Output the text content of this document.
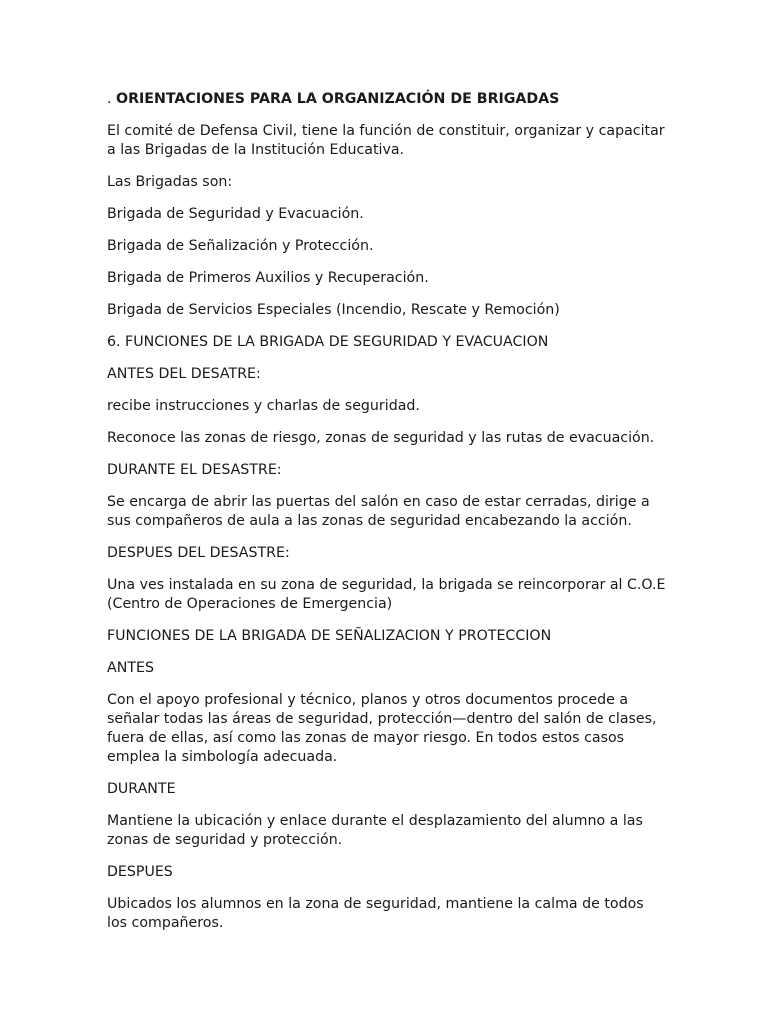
. ORIENTACIONES PARA LA ORGANIZACIÓN DE BRIGADAS

El comité de Defensa Civil, tiene la función de constituir, organizar y capacitar a las Brigadas de la Institución Educativa.

Las Brigadas son:

Brigada de Seguridad y Evacuación.

Brigada de Señalización y Protección.

Brigada de Primeros Auxilios y Recuperación.

Brigada de Servicios Especiales (Incendio, Rescate y Remoción)

6. FUNCIONES DE LA BRIGADA DE SEGURIDAD Y EVACUACION

ANTES DEL DESATRE:

recibe instrucciones y charlas de seguridad.

Reconoce las zonas de riesgo, zonas de seguridad y las rutas de evacuación.

DURANTE EL DESASTRE:

Se encarga de abrir las puertas del salón en caso de estar cerradas, dirige a sus compañeros de aula a las zonas de seguridad encabezando la acción.

DESPUES DEL DESASTRE:

Una ves instalada en su zona de seguridad, la brigada se reincorporar al C.O.E (Centro de Operaciones de Emergencia)

FUNCIONES DE LA BRIGADA DE SEÑALIZACION Y PROTECCION

ANTES

Con el apoyo profesional y técnico, planos y otros documentos procede a señalar todas las áreas de seguridad, protección—dentro del salón de clases, fuera de ellas, así como las zonas de mayor riesgo. En todos estos casos emplea la simbología adecuada.

DURANTE

Mantiene la ubicación y enlace durante el desplazamiento del alumno a las zonas de seguridad y protección.

DESPUES

Ubicados los alumnos en la zona de seguridad, mantiene la calma de todos los compañeros.
